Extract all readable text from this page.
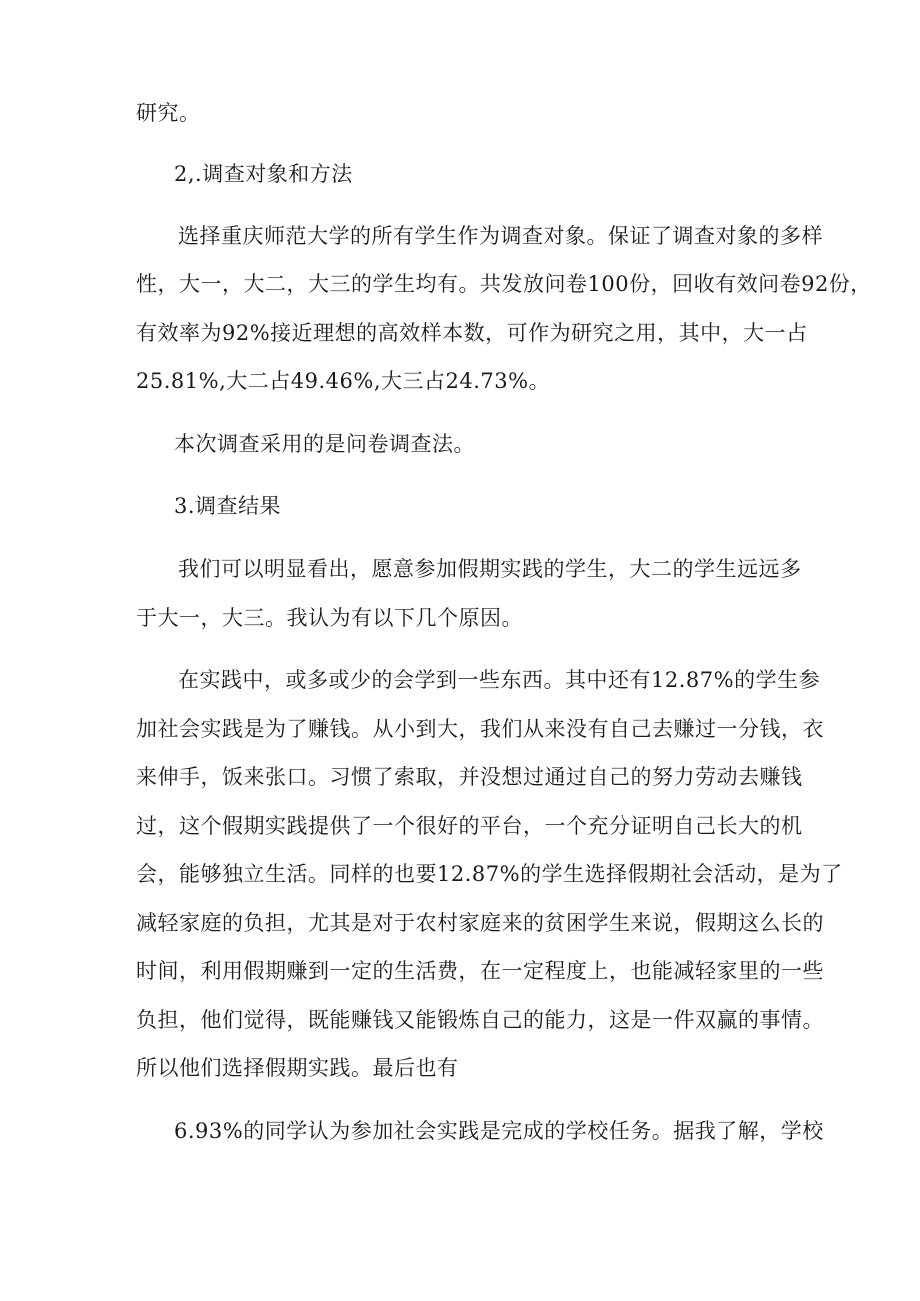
研究。

2,.调查对象和方法

选择重庆师范大学的所有学生作为调查对象。保证了调查对象的多样

性，大一，大二，大三的学生均有。共发放问卷100份，回收有效问卷92份，

有效率为92%接近理想的高效样本数，可作为研究之用，其中，大一占

25.81%,大二占49.46%,大三占24.73%。

本次调查采用的是问卷调查法。

3.调查结果

我们可以明显看出，愿意参加假期实践的学生，大二的学生远远多

于大一，大三。我认为有以下几个原因。

在实践中，或多或少的会学到一些东西。其中还有12.87%的学生参

加社会实践是为了赚钱。从小到大，我们从来没有自己去赚过一分钱，衣

来伸手，饭来张口。习惯了索取，并没想过通过自己的努力劳动去赚钱

过，这个假期实践提供了一个很好的平台，一个充分证明自己长大的机

会，能够独立生活。同样的也要12.87%的学生选择假期社会活动，是为了

减轻家庭的负担，尤其是对于农村家庭来的贫困学生来说，假期这么长的

时间，利用假期赚到一定的生活费，在一定程度上，也能减轻家里的一些

负担，他们觉得，既能赚钱又能锻炼自己的能力，这是一件双赢的事情。

所以他们选择假期实践。最后也有

6.93%的同学认为参加社会实践是完成的学校任务。据我了解，学校
